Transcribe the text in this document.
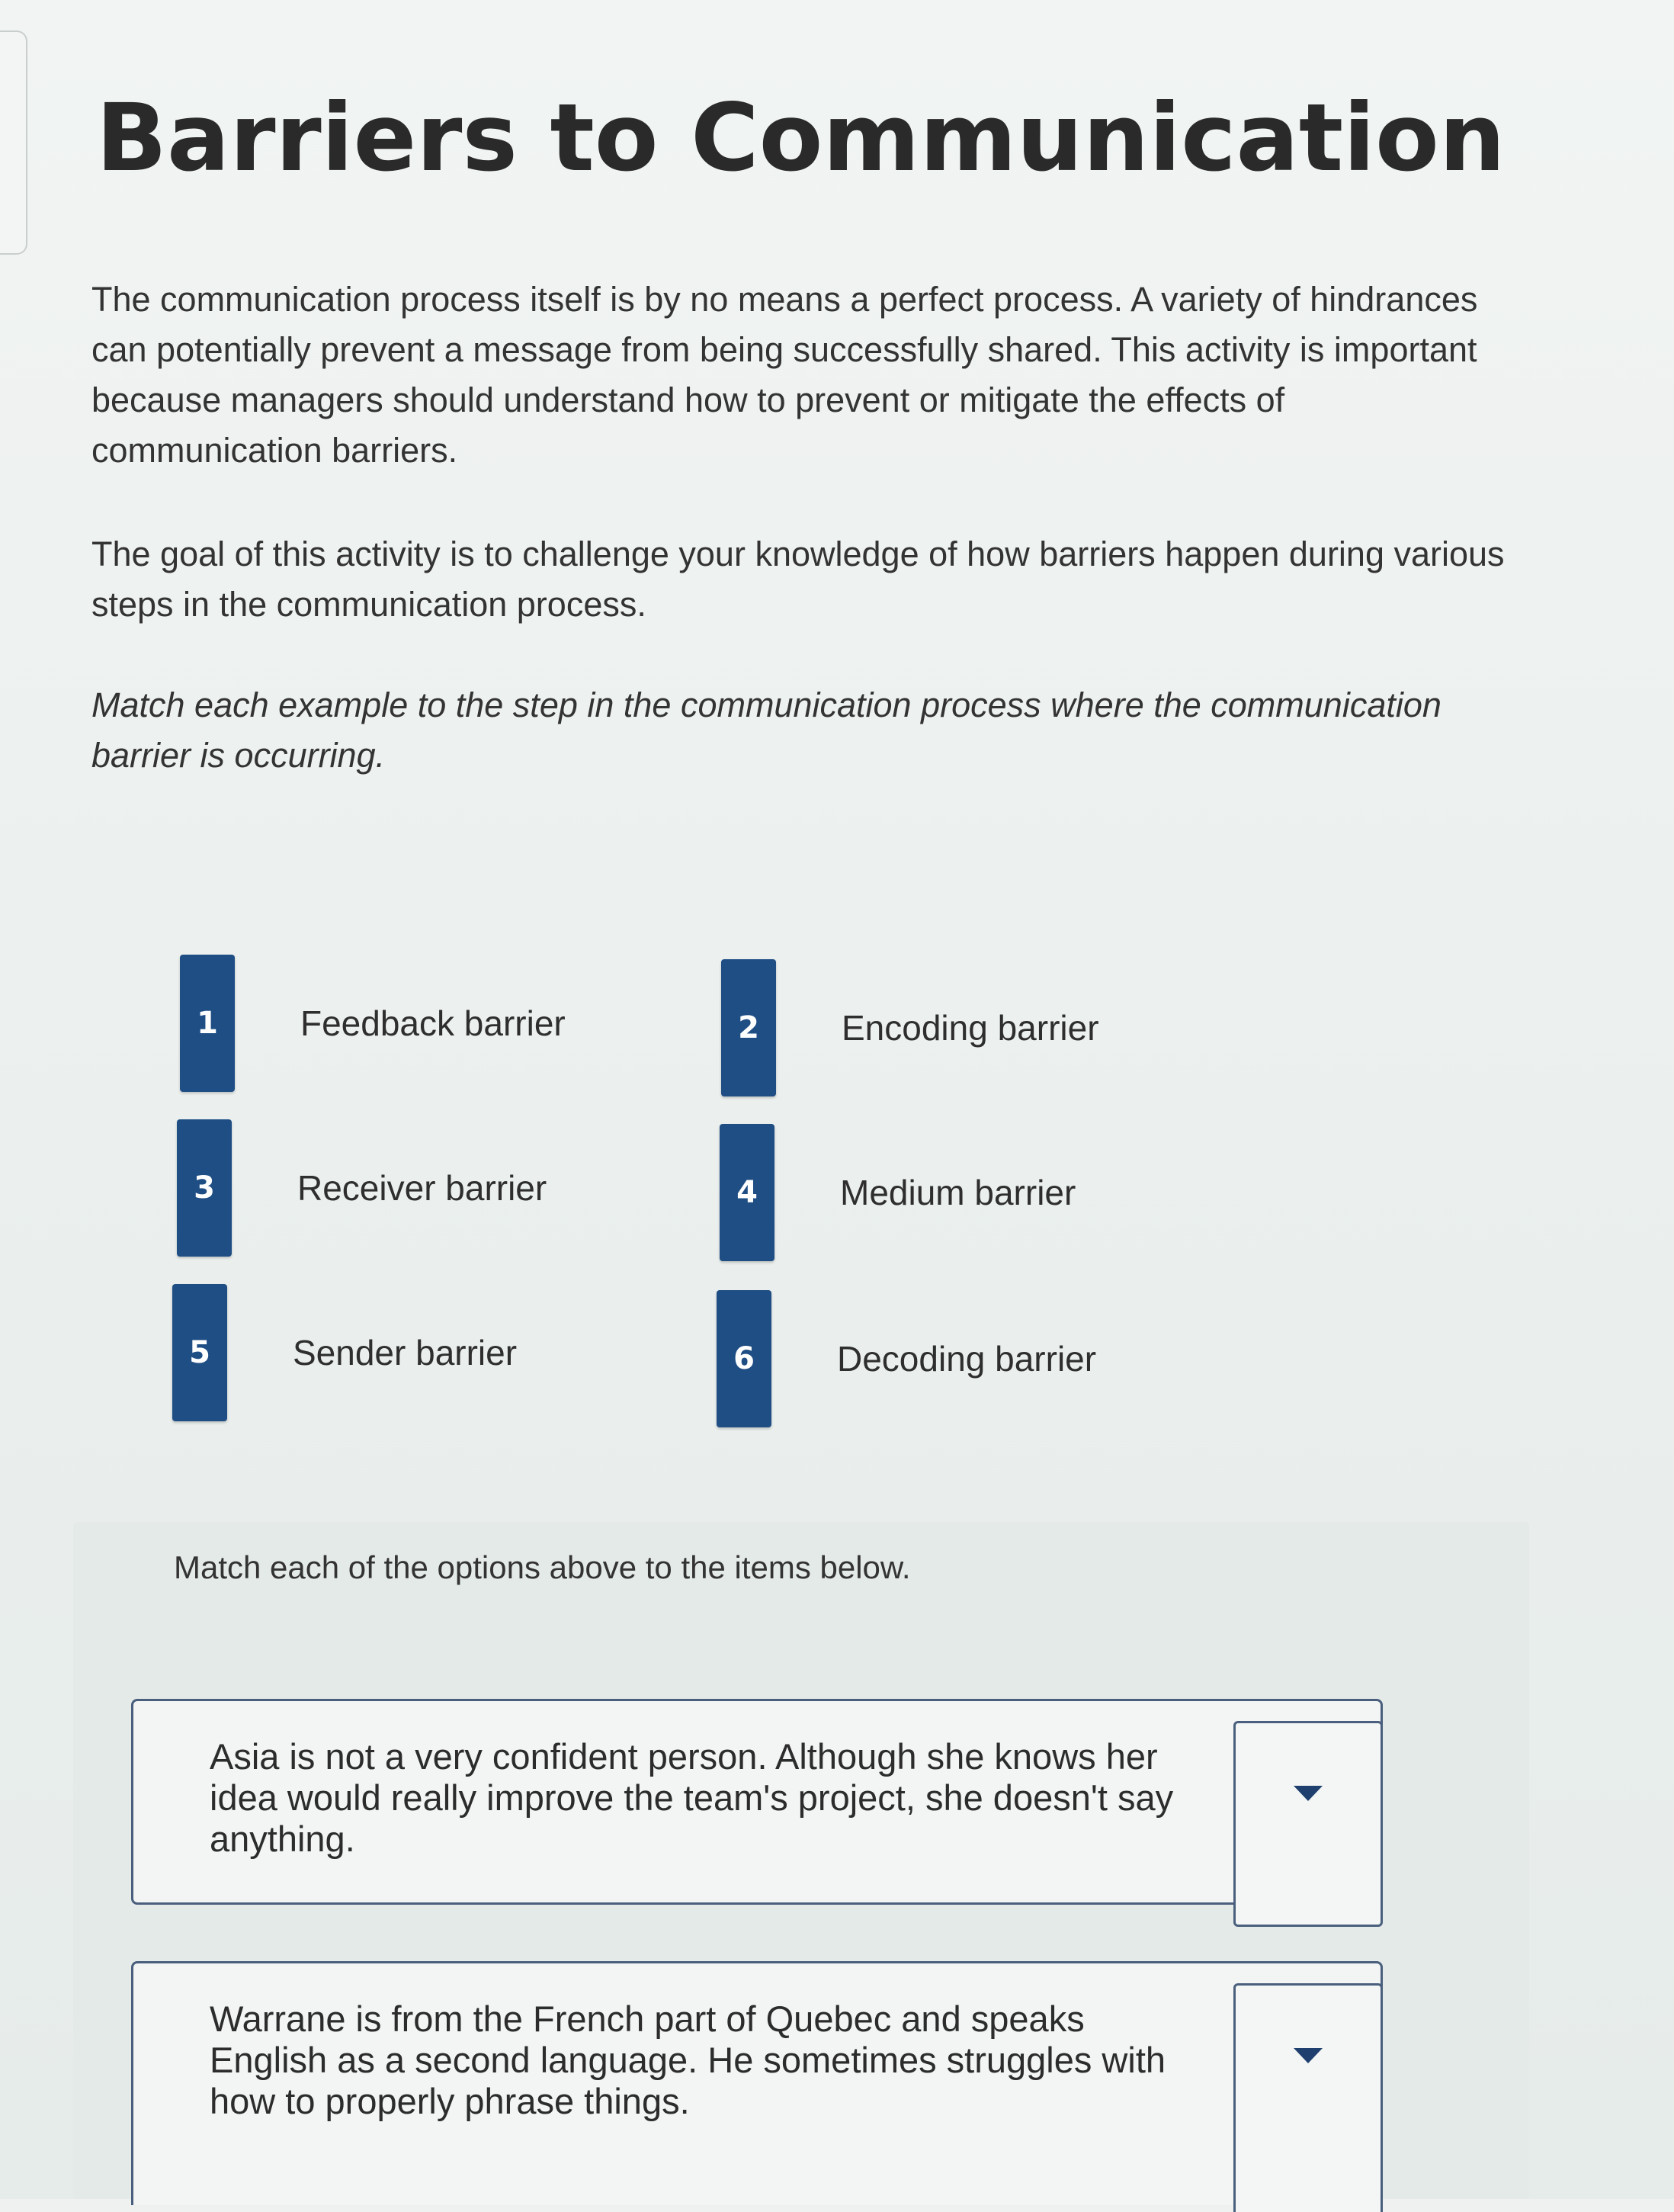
Barriers to Communication

The communication process itself is by no means a perfect process. A variety of hindrances can potentially prevent a message from being successfully shared. This activity is important because managers should understand how to prevent or mitigate the effects of communication barriers.

The goal of this activity is to challenge your knowledge of how barriers happen during various steps in the communication process.

Match each example to the step in the communication process where the communication barrier is occurring.

1	Feedback barrier	2	Encoding barrier
3	Receiver barrier	4	Medium barrier
5	Sender barrier	6	Decoding barrier
Match each of the options above to the items below.
Asia is not a very confident person. Although she knows her idea would really improve the team's project, she doesn't say anything.
Warrane is from the French part of Quebec and speaks English as a second language. He sometimes struggles with how to properly phrase things.
